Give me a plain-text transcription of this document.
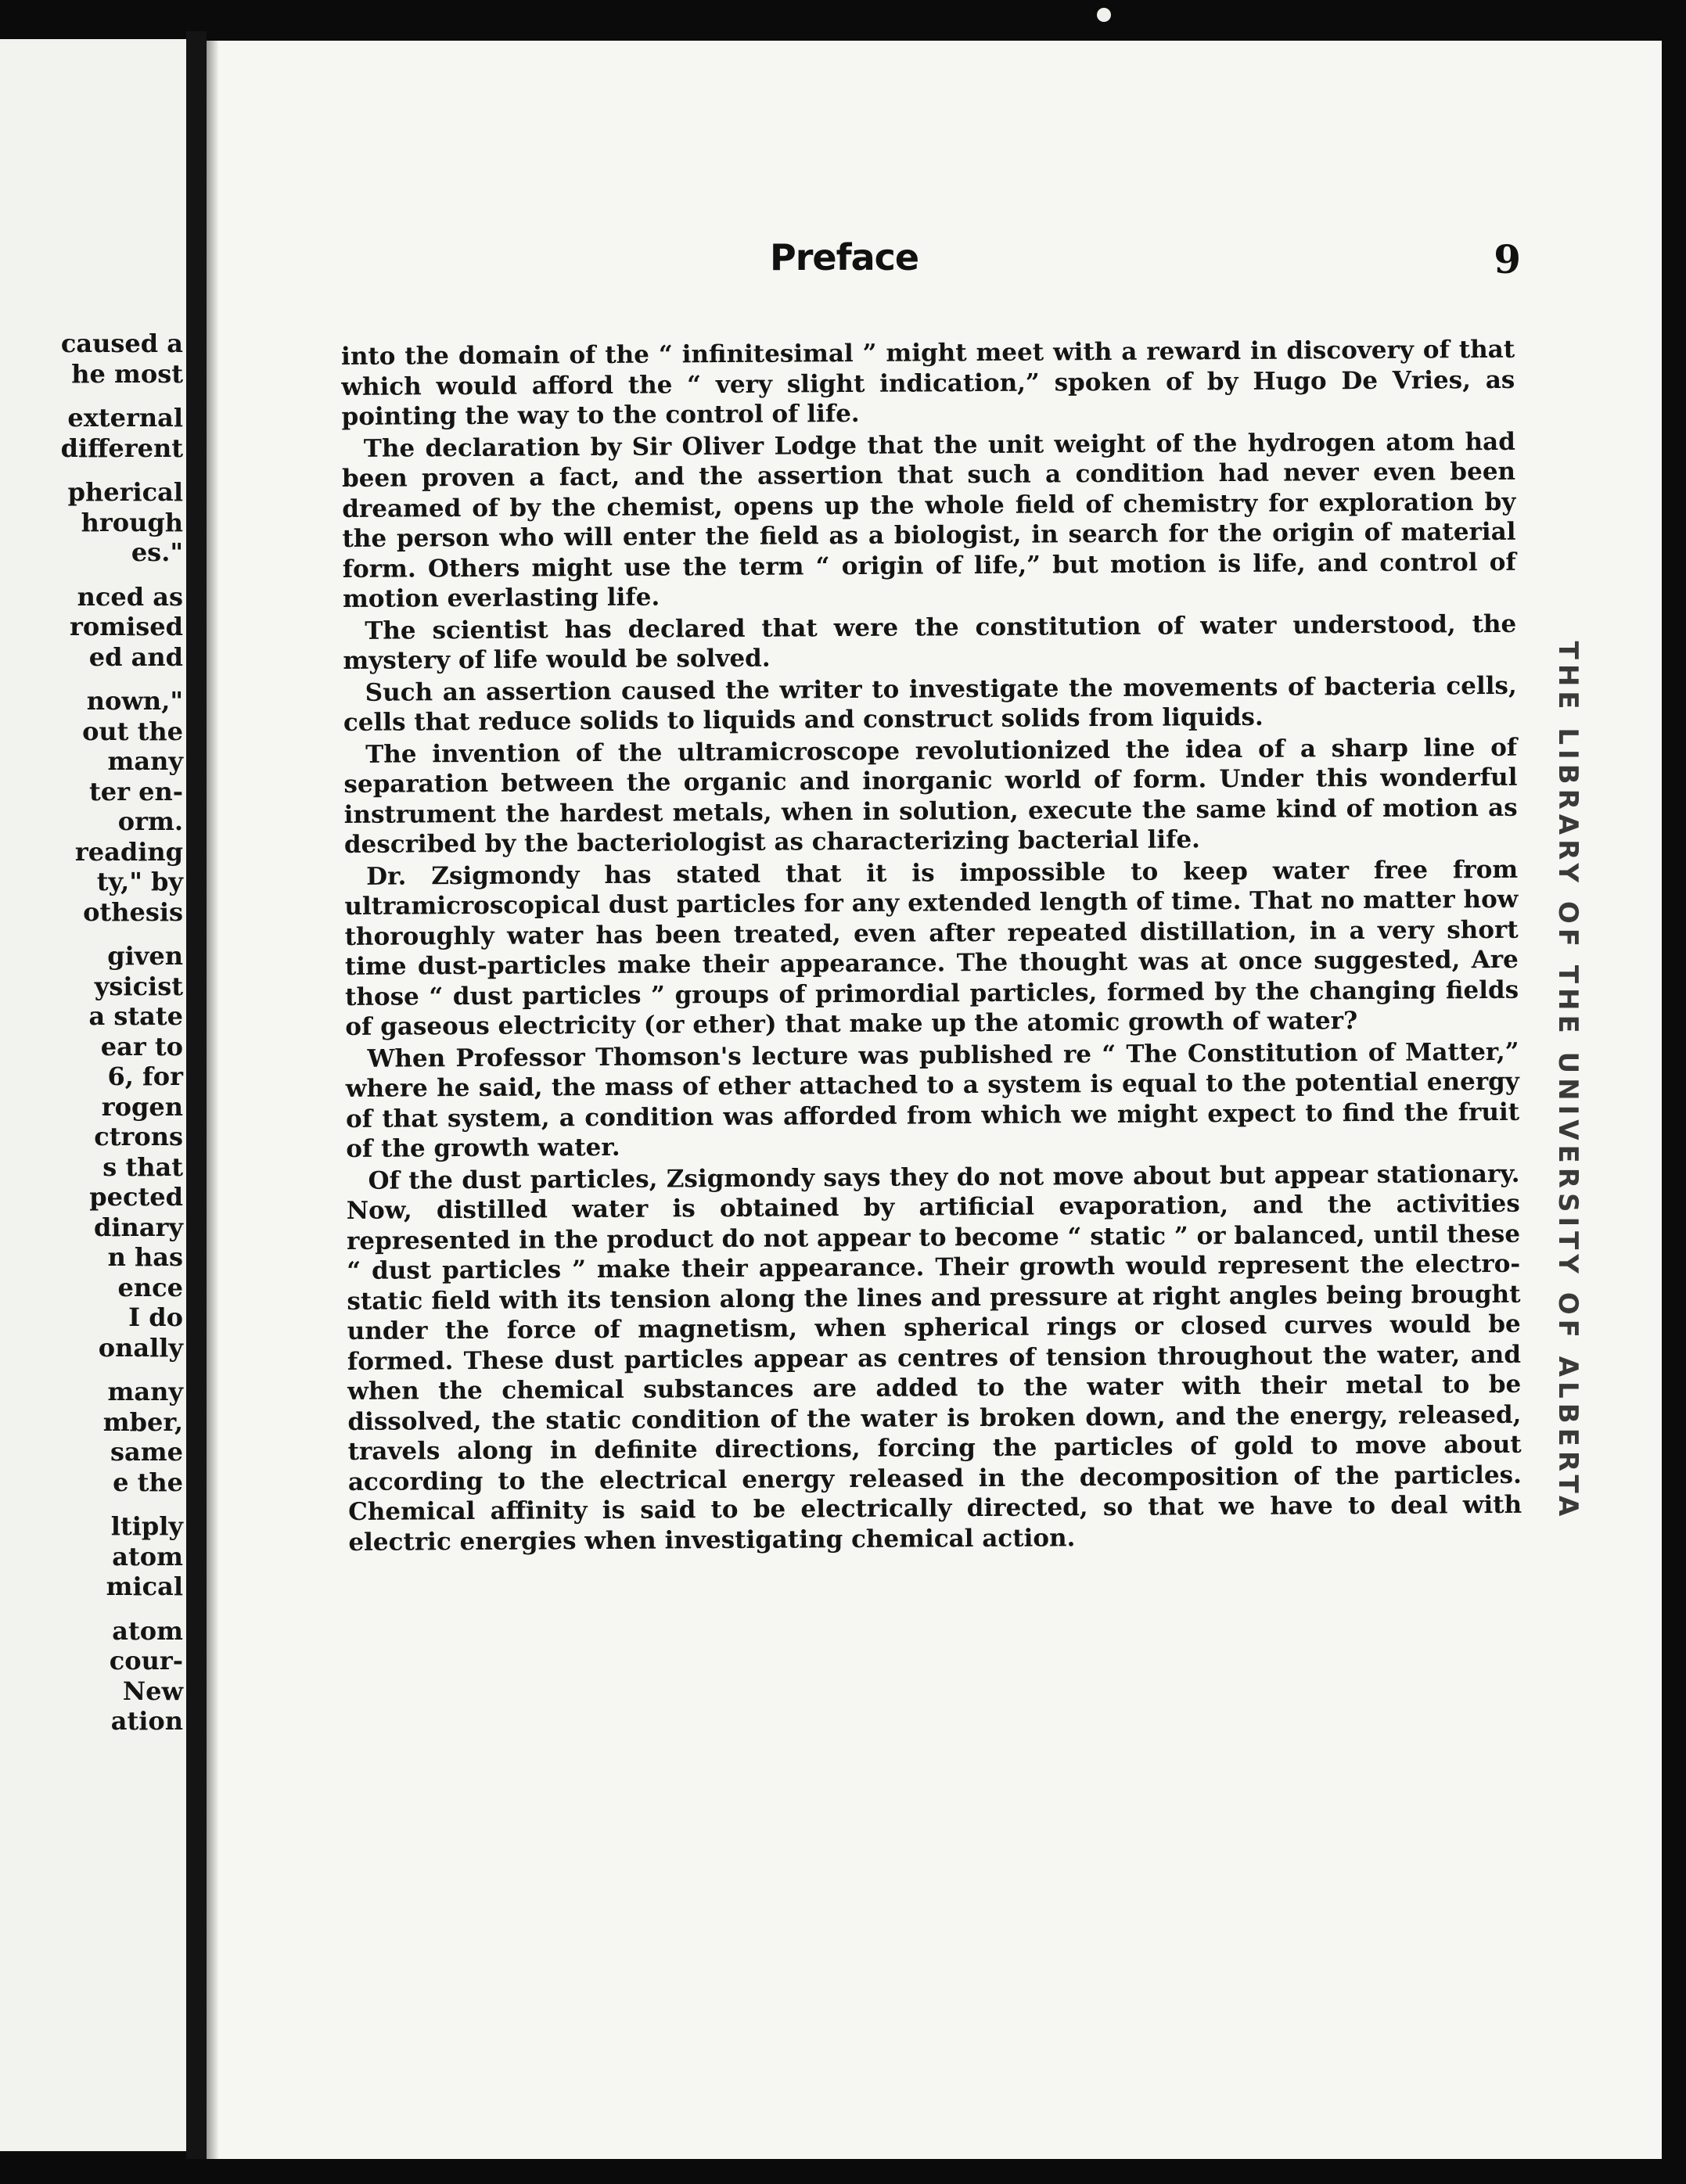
caused a
he most
external
different
pherical
hrough
es."
nced as
romised
ed and
nown,"
out the
many
ter en-
orm.
reading
ty," by
othesis
given
ysicist
a state
ear to
6, for
rogen
ctrons
s that
pected
dinary
n has
ence
I do
onally
many
mber,
same
e the
ltiply
atom
mical
atom
cour-
New
ation
Preface	9

into the domain of the “ infinitesimal ” might meet with a reward in discovery of that which would afford the “ very slight indication,” spoken of by Hugo De Vries, as pointing the way to the control of life.

The declaration by Sir Oliver Lodge that the unit weight of the hydrogen atom had been proven a fact, and the assertion that such a condition had never even been dreamed of by the chemist, opens up the whole field of chemistry for exploration by the person who will enter the field as a biologist, in search for the origin of material form. Others might use the term “ origin of life,” but motion is life, and control of motion everlasting life.

The scientist has declared that were the constitution of water understood, the mystery of life would be solved.

Such an assertion caused the writer to investigate the movements of bacteria cells, cells that reduce solids to liquids and construct solids from liquids.

The invention of the ultramicroscope revolutionized the idea of a sharp line of separation between the organic and inorganic world of form. Under this wonderful instrument the hardest metals, when in solution, execute the same kind of motion as described by the bacteriologist as characterizing bacterial life.

Dr. Zsigmondy has stated that it is impossible to keep water free from ultramicroscopical dust particles for any extended length of time. That no matter how thoroughly water has been treated, even after repeated distillation, in a very short time dust-particles make their appearance. The thought was at once suggested, Are those “ dust particles ” groups of primordial particles, formed by the changing fields of gaseous electricity (or ether) that make up the atomic growth of water?

When Professor Thomson's lecture was published re “ The Constitution of Matter,” where he said, the mass of ether attached to a system is equal to the potential energy of that system, a condition was afforded from which we might expect to find the fruit of the growth water.

Of the dust particles, Zsigmondy says they do not move about but appear stationary. Now, distilled water is obtained by artificial evaporation, and the activities represented in the product do not appear to become “ static ” or balanced, until these “ dust particles ” make their appearance. Their growth would represent the electro-static field with its tension along the lines and pressure at right angles being brought under the force of magnetism, when spherical rings or closed curves would be formed. These dust particles appear as centres of tension throughout the water, and when the chemical substances are added to the water with their metal to be dissolved, the static condition of the water is broken down, and the energy, released, travels along in definite directions, forcing the particles of gold to move about according to the electrical energy released in the decomposition of the particles. Chemical affinity is said to be electrically directed, so that we have to deal with electric energies when investigating chemical action.

THE LIBRARY OF THE UNIVERSITY OF ALBERTA
